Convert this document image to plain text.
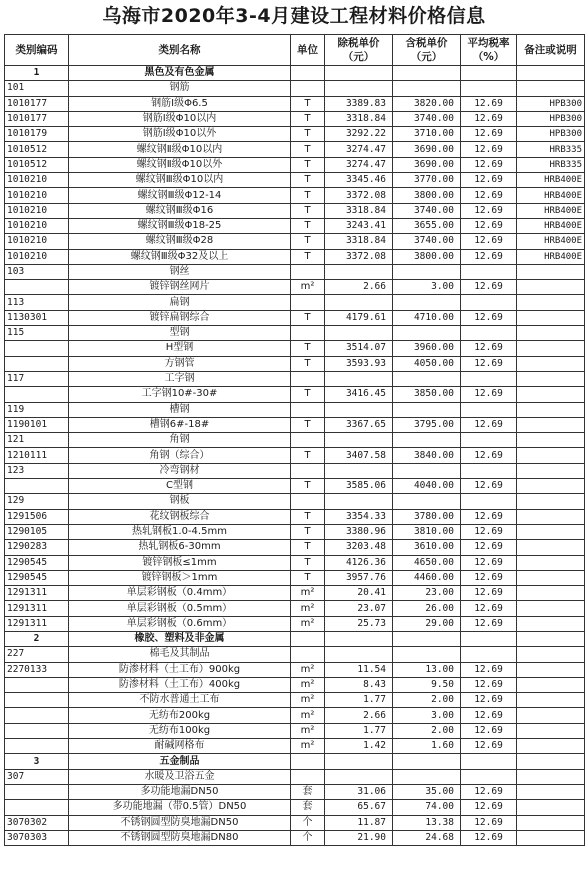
乌海市2020年3-4月建设工程材料价格信息
类别编码	类别名称	单位	除税单价（元）	含税单价（元）	平均税率（%）	备注或说明
1	黑色及有色金属					
101	钢筋					
1010177	钢筋Ⅰ级Φ6.5	T	3389.83	3820.00	12.69	HPB300
1010177	钢筋Ⅰ级Φ10以内	T	3318.84	3740.00	12.69	HPB300
1010179	钢筋Ⅰ级Φ10以外	T	3292.22	3710.00	12.69	HPB300
1010512	螺纹钢Ⅱ级Φ10以内	T	3274.47	3690.00	12.69	HRB335
1010512	螺纹钢Ⅱ级Φ10以外	T	3274.47	3690.00	12.69	HRB335
1010210	螺纹钢Ⅲ级Φ10以内	T	3345.46	3770.00	12.69	HRB400E
1010210	螺纹钢Ⅲ级Φ12-14	T	3372.08	3800.00	12.69	HRB400E
1010210	螺纹钢Ⅲ级Φ16	T	3318.84	3740.00	12.69	HRB400E
1010210	螺纹钢Ⅲ级Φ18-25	T	3243.41	3655.00	12.69	HRB400E
1010210	螺纹钢Ⅲ级Φ28	T	3318.84	3740.00	12.69	HRB400E
1010210	螺纹钢Ⅲ级Φ32及以上	T	3372.08	3800.00	12.69	HRB400E
103	钢丝					
	镀锌钢丝网片	m²	2.66	3.00	12.69	
113	扁钢					
1130301	镀锌扁钢综合	T	4179.61	4710.00	12.69	
115	型钢					
	H型钢	T	3514.07	3960.00	12.69	
	方钢管	T	3593.93	4050.00	12.69	
117	工字钢					
	工字钢10#-30#	T	3416.45	3850.00	12.69	
119	槽钢					
1190101	槽钢6#-18#	T	3367.65	3795.00	12.69	
121	角钢					
1210111	角钢（综合）	T	3407.58	3840.00	12.69	
123	冷弯钢材					
	C型钢	T	3585.06	4040.00	12.69	
129	钢板					
1291506	花纹钢板综合	T	3354.33	3780.00	12.69	
1290105	热轧钢板1.0-4.5mm	T	3380.96	3810.00	12.69	
1290283	热轧钢板6-30mm	T	3203.48	3610.00	12.69	
1290545	镀锌钢板≤1mm	T	4126.36	4650.00	12.69	
1290545	镀锌钢板＞1mm	T	3957.76	4460.00	12.69	
1291311	单层彩钢板（0.4mm）	m²	20.41	23.00	12.69	
1291311	单层彩钢板（0.5mm）	m²	23.07	26.00	12.69	
1291311	单层彩钢板（0.6mm）	m²	25.73	29.00	12.69	
2	橡胶、塑料及非金属					
227	棉毛及其制品					
2270133	防渗材料（土工布）900kg	m²	11.54	13.00	12.69	
	防渗材料（土工布）400kg	m²	8.43	9.50	12.69	
	不防水普通土工布	m²	1.77	2.00	12.69	
	无纺布200kg	m²	2.66	3.00	12.69	
	无纺布100kg	m²	1.77	2.00	12.69	
	耐碱网格布	m²	1.42	1.60	12.69	
3	五金制品					
307	水暖及卫浴五金					
	多功能地漏DN50	套	31.06	35.00	12.69	
	多功能地漏（带0.5管）DN50	套	65.67	74.00	12.69	
3070302	不锈钢圆型防臭地漏DN50	个	11.87	13.38	12.69	
3070303	不锈钢圆型防臭地漏DN80	个	21.90	24.68	12.69	
